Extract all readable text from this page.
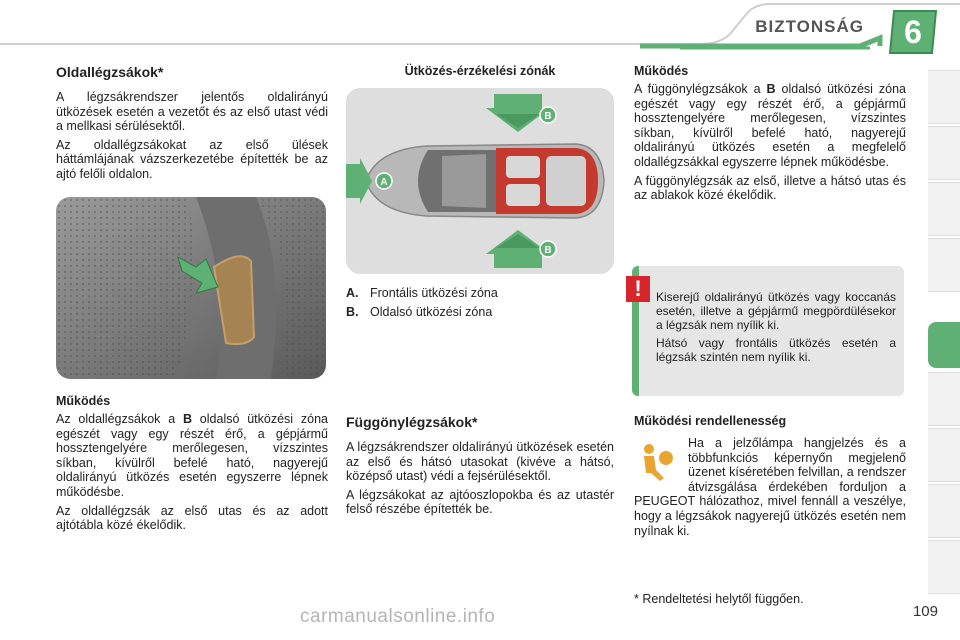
BIZTONSÁG	6

Oldallégzsákok*

A légzsákrendszer jelentős oldalirányú ütközések esetén a vezetőt és az első utast védi a mellkasi sérülésektől.

Az oldallégzsákokat az első ülések háttámlájának vázszerkezetébe építették be az ajtó felőli oldalon.

Működés

Az oldallégzsákok a B oldalsó ütközési zóna egészét vagy egy részét érő, a gépjármű hossztengelyére merőlegesen, vízszintes síkban, kívülről befelé ható, nagyerejű oldalirányú ütközés esetén egyszerre lépnek működésbe.

Az oldallégzsák az első utas és az adott ajtótábla közé ékelődik.

Ütközés-érzékelési zónák
B
B
A
A. Frontális ütközési zóna
B. Oldalsó ütközési zóna

Függönylégzsákok*

A légzsákrendszer oldalirányú ütközések esetén az első és hátsó utasokat (kivéve a hátsó, középső utast) védi a fejsérülésektől.

A légzsákokat az ajtóoszlopokba és az utastér felső részébe építették be.

Működés

A függönylégzsákok a B oldalsó ütközési zóna egészét vagy egy részét érő, a gépjármű hossztengelyére merőlegesen, vízszintes síkban, kívülről befelé ható, nagyerejű oldalirányú ütközés esetén a megfelelő oldallégzsákkal egyszerre lépnek működésbe.

A függönylégzsák az első, illetve a hátsó utas és az ablakok közé ékelődik.

Kiserejű oldalirányú ütközés vagy koccanás esetén, illetve a gépjármű megpördülésekor a légzsák nem nyílik ki.

Hátsó vagy frontális ütközés esetén a légzsák szintén nem nyílik ki.

!

Működési rendellenesség

Ha a jelzőlámpa hangjelzés és a többfunkciós képernyőn megjelenő üzenet kíséretében felvillan, a rendszer átvizsgálása érdekében forduljon a PEUGEOT hálózathoz, mivel fennáll a veszélye, hogy a légzsákok nagyerejű ütközés esetén nem nyílnak ki.

* Rendeltetési helytől függően.
carmanualsonline.info	109
